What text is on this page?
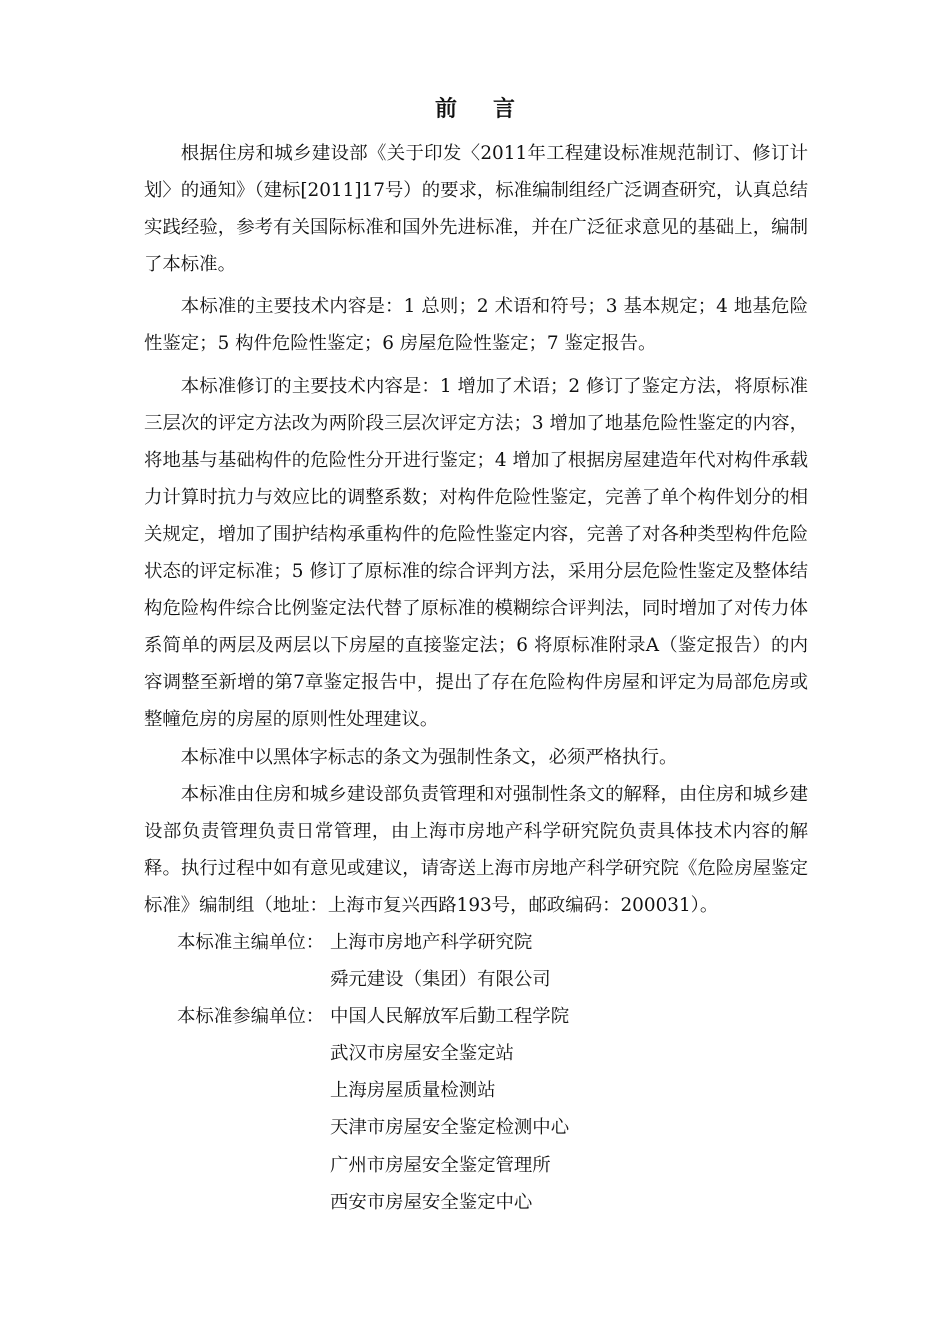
前言

根据住房和城乡建设部《关于印发〈2011年工程建设标准规范制订、修订计划〉的通知》（建标[2011]17号）的要求，标准编制组经广泛调查研究，认真总结实践经验，参考有关国际标准和国外先进标准，并在广泛征求意见的基础上，编制了本标准。

本标准的主要技术内容是：1 总则；2 术语和符号；3 基本规定；4 地基危险性鉴定；5 构件危险性鉴定；6 房屋危险性鉴定；7 鉴定报告。

本标准修订的主要技术内容是：1 增加了术语；2 修订了鉴定方法，将原标准三层次的评定方法改为两阶段三层次评定方法；3 增加了地基危险性鉴定的内容，将地基与基础构件的危险性分开进行鉴定；4 增加了根据房屋建造年代对构件承载力计算时抗力与效应比的调整系数；对构件危险性鉴定，完善了单个构件划分的相关规定，增加了围护结构承重构件的危险性鉴定内容，完善了对各种类型构件危险状态的评定标准；5 修订了原标准的综合评判方法，采用分层危险性鉴定及整体结构危险构件综合比例鉴定法代替了原标准的模糊综合评判法，同时增加了对传力体系简单的两层及两层以下房屋的直接鉴定法；6 将原标准附录A（鉴定报告）的内容调整至新增的第7章鉴定报告中，提出了存在危险构件房屋和评定为局部危房或整幢危房的房屋的原则性处理建议。

本标准中以黑体字标志的条文为强制性条文，必须严格执行。

本标准由住房和城乡建设部负责管理和对强制性条文的解释，由住房和城乡建设部负责管理负责日常管理，由上海市房地产科学研究院负责具体技术内容的解释。执行过程中如有意见或建议，请寄送上海市房地产科学研究院《危险房屋鉴定标准》编制组（地址：上海市复兴西路193号，邮政编码：200031）。

本标准主编单位： 上海市房地产科学研究院
舜元建设（集团）有限公司
本标准参编单位： 中国人民解放军后勤工程学院
武汉市房屋安全鉴定站
上海房屋质量检测站
天津市房屋安全鉴定检测中心
广州市房屋安全鉴定管理所
西安市房屋安全鉴定中心
